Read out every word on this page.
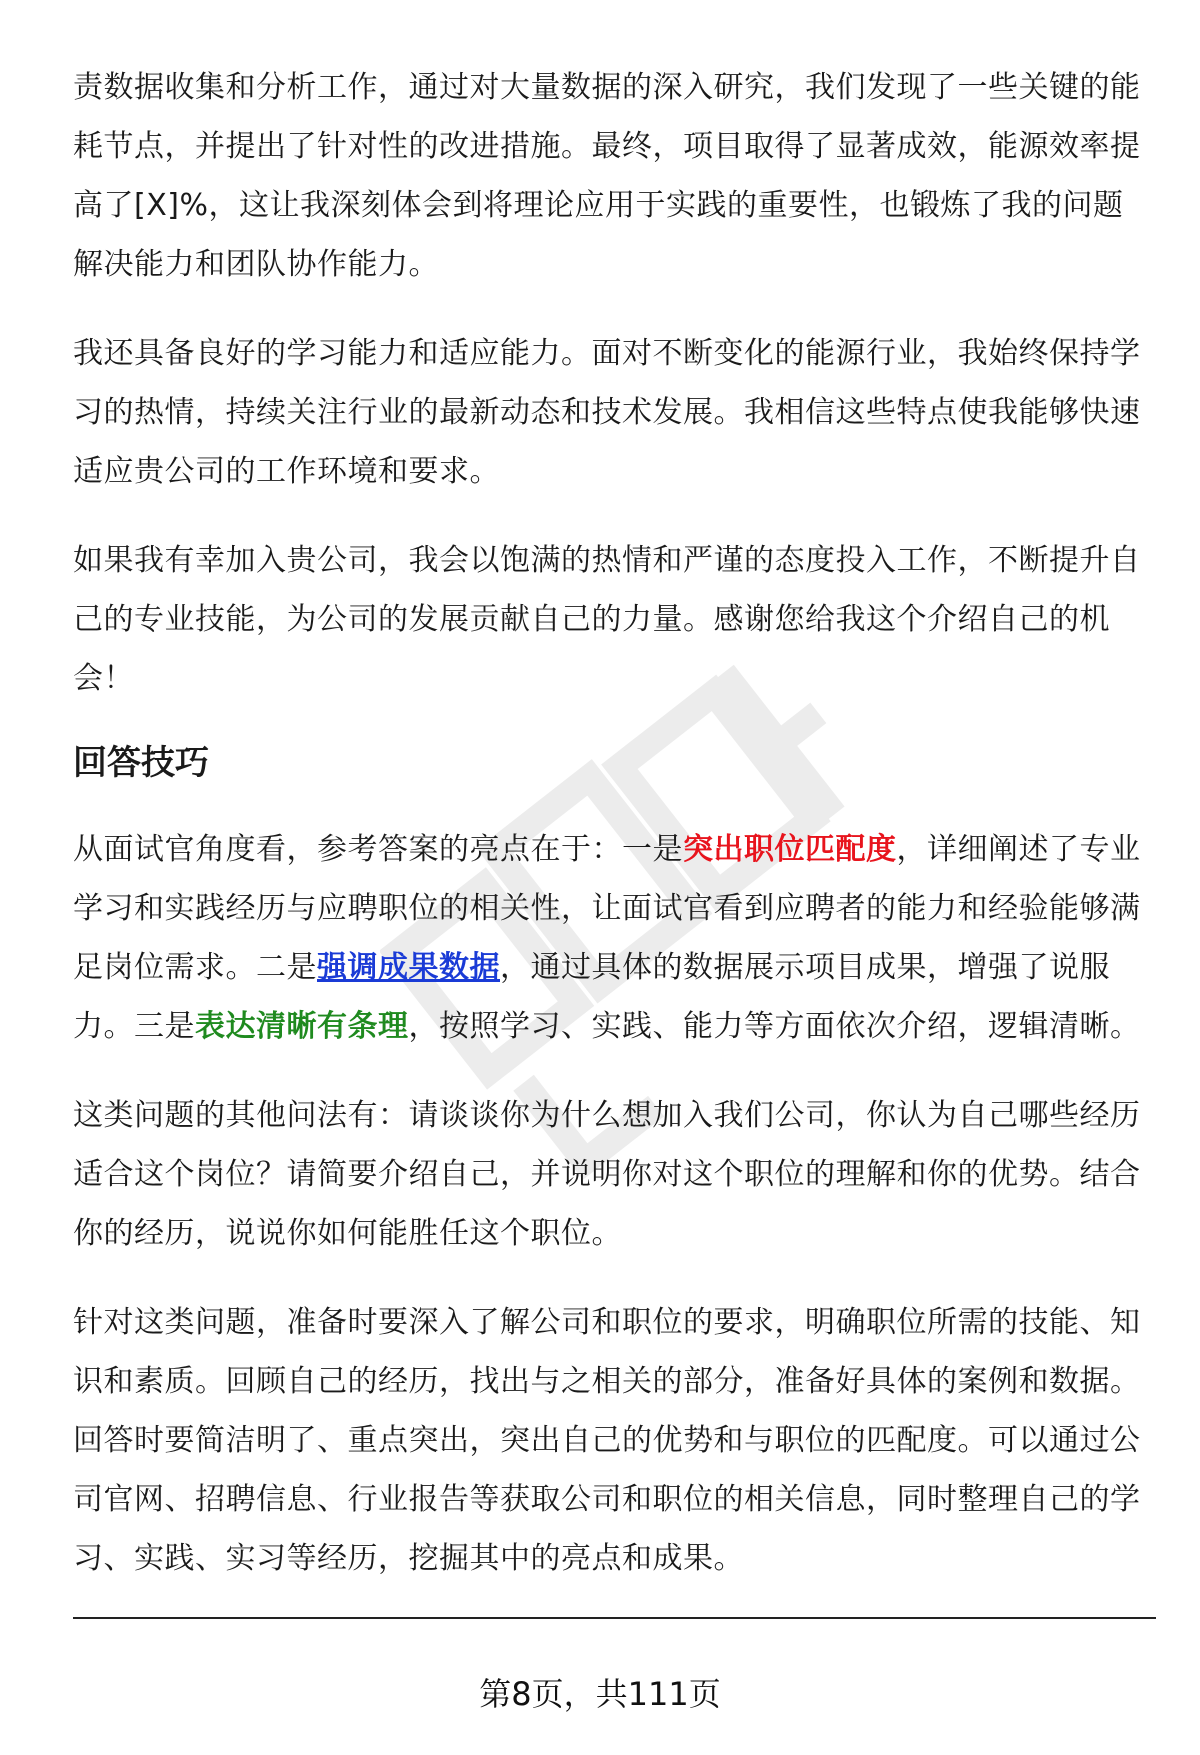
责数据收集和分析工作，通过对大量数据的深入研究，我们发现了一些关键的能耗节点，并提出了针对性的改进措施。最终，项目取得了显著成效，能源效率提高了[X]%，这让我深刻体会到将理论应用于实践的重要性，也锻炼了我的问题解决能力和团队协作能力。

我还具备良好的学习能力和适应能力。面对不断变化的能源行业，我始终保持学习的热情，持续关注行业的最新动态和技术发展。我相信这些特点使我能够快速适应贵公司的工作环境和要求。

如果我有幸加入贵公司，我会以饱满的热情和严谨的态度投入工作，不断提升自己的专业技能，为公司的发展贡献自己的力量。感谢您给我这个介绍自己的机会！

回答技巧

从面试官角度看，参考答案的亮点在于：一是突出职位匹配度，详细阐述了专业学习和实践经历与应聘职位的相关性，让面试官看到应聘者的能力和经验能够满足岗位需求。二是强调成果数据，通过具体的数据展示项目成果，增强了说服力。三是表达清晰有条理，按照学习、实践、能力等方面依次介绍，逻辑清晰。

这类问题的其他问法有：请谈谈你为什么想加入我们公司，你认为自己哪些经历适合这个岗位？请简要介绍自己，并说明你对这个职位的理解和你的优势。结合你的经历，说说你如何能胜任这个职位。

针对这类问题，准备时要深入了解公司和职位的要求，明确职位所需的技能、知识和素质。回顾自己的经历，找出与之相关的部分，准备好具体的案例和数据。回答时要简洁明了、重点突出，突出自己的优势和与职位的匹配度。可以通过公司官网、招聘信息、行业报告等获取公司和职位的相关信息，同时整理自己的学习、实践、实习等经历，挖掘其中的亮点和成果。

第8页，共111页
